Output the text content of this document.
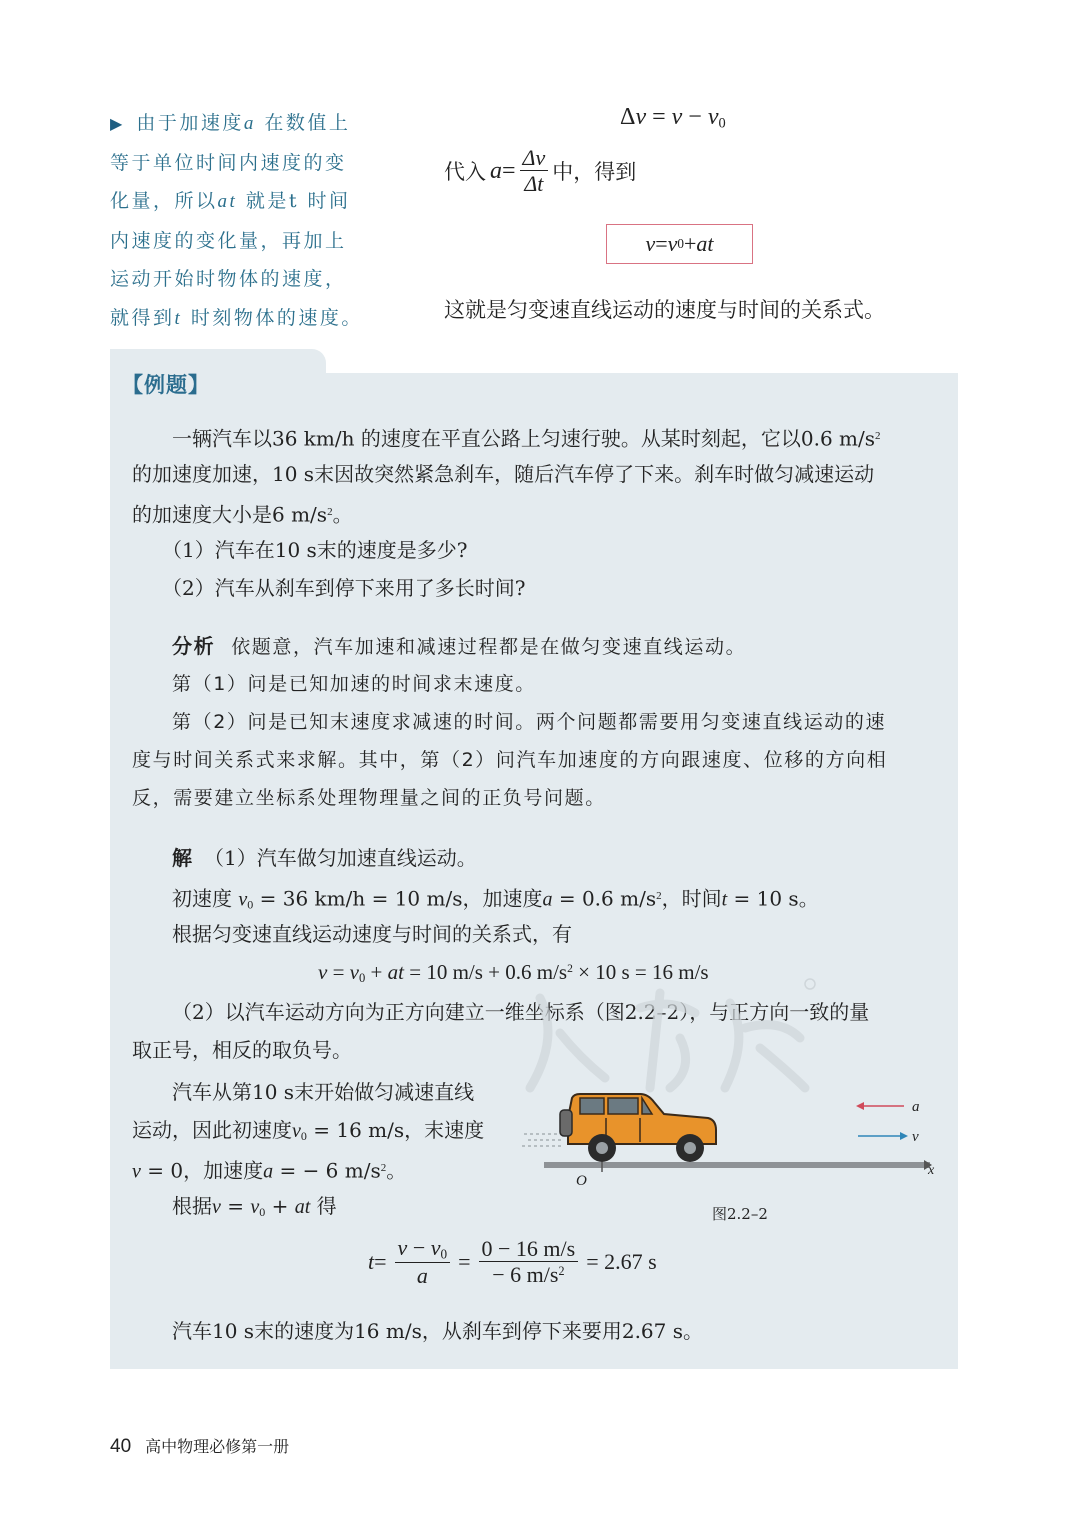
▶ 由于加速度a 在数值上
等于单位时间内速度的变
化量，所以at 就是t 时间
内速度的变化量，再加上
运动开始时物体的速度，
就得到t 时刻物体的速度。
$\Delta v = v - v_0$
代入 $a = \frac{\Delta v}{\Delta t}$ 中，得到
v = v 0 + at
这就是匀变速直线运动的速度与时间的关系式。
【例题】
一辆汽车以36 km/h 的速度在平直公路上匀速行驶。从某时刻起，它以0.6 $m/s^2$
的加速度加速，10 s末因故突然紧急刹车，随后汽车停了下来。刹车时做匀减速运动
的加速度大小是6 $m/s^2$。
（1）汽车在10 s末的速度是多少?
（2）汽车从刹车到停下来用了多长时间?
分析 依题意，汽车加速和减速过程都是在做匀变速直线运动。
第（1）问是已知加速的时间求末速度。
第（2）问是已知末速度求减速的时间。两个问题都需要用匀变速直线运动的速
度与时间关系式来求解。其中，第（2）问汽车加速度的方向跟速度、位移的方向相
反，需要建立坐标系处理物理量之间的正负号问题。
解 （1）汽车做匀加速直线运动。
初速度 $v_0 = 36$ km/h = 10 m/s，加速度a = 0.6 $m/s^2$，时间t = 10 s。
根据匀变速直线运动速度与时间的关系式，有
$v = v_0$ + at = 10 m/s + 0.6 $m/s^2 \times 10$ s = 16 m/s
（2）以汽车运动方向为正方向建立一维坐标系（图2.2–2），与正方向一致的量
取正号，相反的取负号。
汽车从第10 s末开始做匀减速直线
运动，因此初速度$v_0 = 16$ m/s，末速度
v = 0，加速度a = − 6 $m/s^2$。
根据$v = v_0$ + at 得
$t = \frac{v - v_0}{a} = \frac{0 - 16 m/s}{- 6 m/s^2} = 2.67$ s
汽车10 s末的速度为16 m/s，从刹车到停下来要用2.67 s。
a
v
x
O
图2.2–2
40 高中物理必修第一册
